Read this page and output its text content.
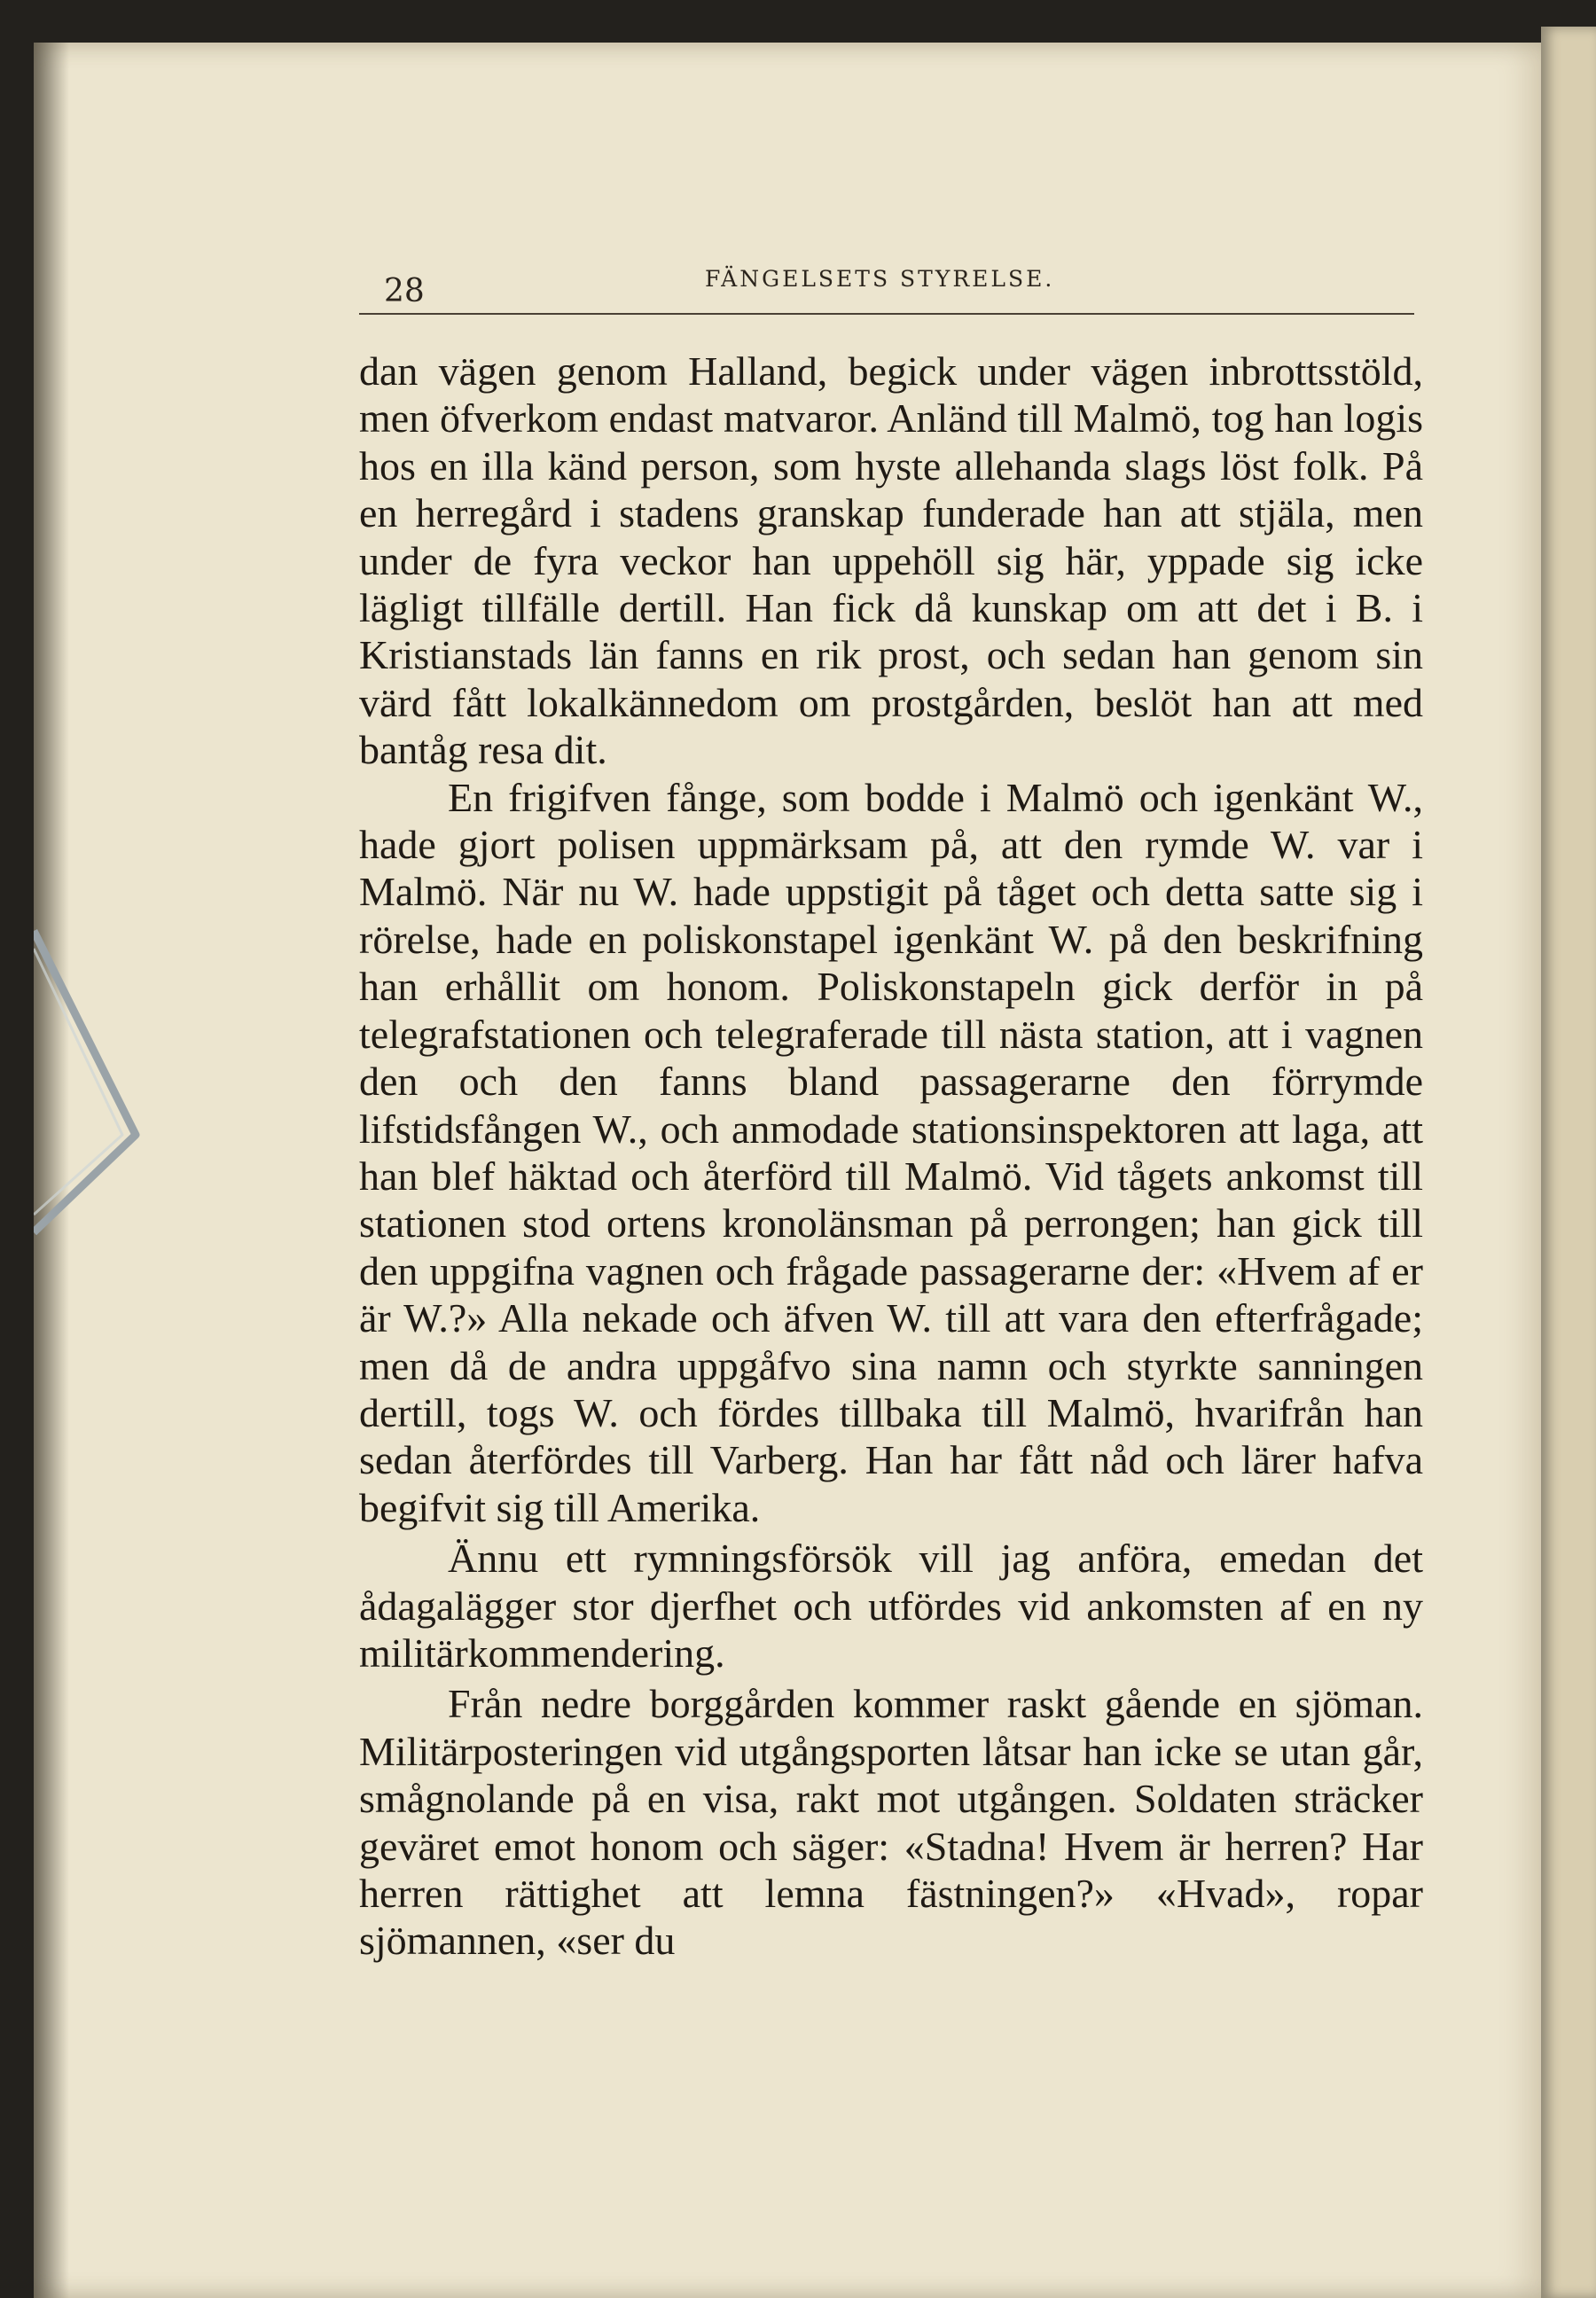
28	FÄNGELSETS STYRELSE.

dan vägen genom Halland, begick under vägen inbrottsstöld, men öfverkom endast matvaror. Anländ till Malmö, tog han logis hos en illa känd person, som hyste allehanda slags löst folk. På en herregård i stadens granskap funderade han att stjäla, men under de fyra veckor han uppehöll sig här, yppade sig icke lägligt tillfälle dertill. Han fick då kunskap om att det i B. i Kristianstads län fanns en rik prost, och sedan han genom sin värd fått lokalkännedom om prostgården, beslöt han att med bantåg resa dit.

En frigifven fånge, som bodde i Malmö och igenkänt W., hade gjort polisen uppmärksam på, att den rymde W. var i Malmö. När nu W. hade uppstigit på tåget och detta satte sig i rörelse, hade en poliskonstapel igenkänt W. på den beskrifning han erhållit om honom. Poliskonstapeln gick derför in på telegrafstationen och telegraferade till nästa station, att i vagnen den och den fanns bland passagerarne den förrymde lifstidsfången W., och anmodade stationsinspektoren att laga, att han blef häktad och återförd till Malmö. Vid tågets ankomst till stationen stod ortens kronolänsman på perrongen; han gick till den uppgifna vagnen och frågade passagerarne der: «Hvem af er är W.?» Alla nekade och äfven W. till att vara den efterfrågade; men då de andra uppgåfvo sina namn och styrkte sanningen dertill, togs W. och fördes tillbaka till Malmö, hvarifrån han sedan återfördes till Varberg. Han har fått nåd och lärer hafva begifvit sig till Amerika.

Ännu ett rymningsförsök vill jag anföra, emedan det ådagalägger stor djerfhet och utfördes vid ankomsten af en ny militärkommendering.

Från nedre borggården kommer raskt gående en sjöman. Militärposteringen vid utgångsporten låtsar han icke se utan går, smågnolande på en visa, rakt mot utgången. Soldaten sträcker geväret emot honom och säger: «Stadna! Hvem är herren? Har herren rättighet att lemna fästningen?» «Hvad», ropar sjömannen, «ser du
